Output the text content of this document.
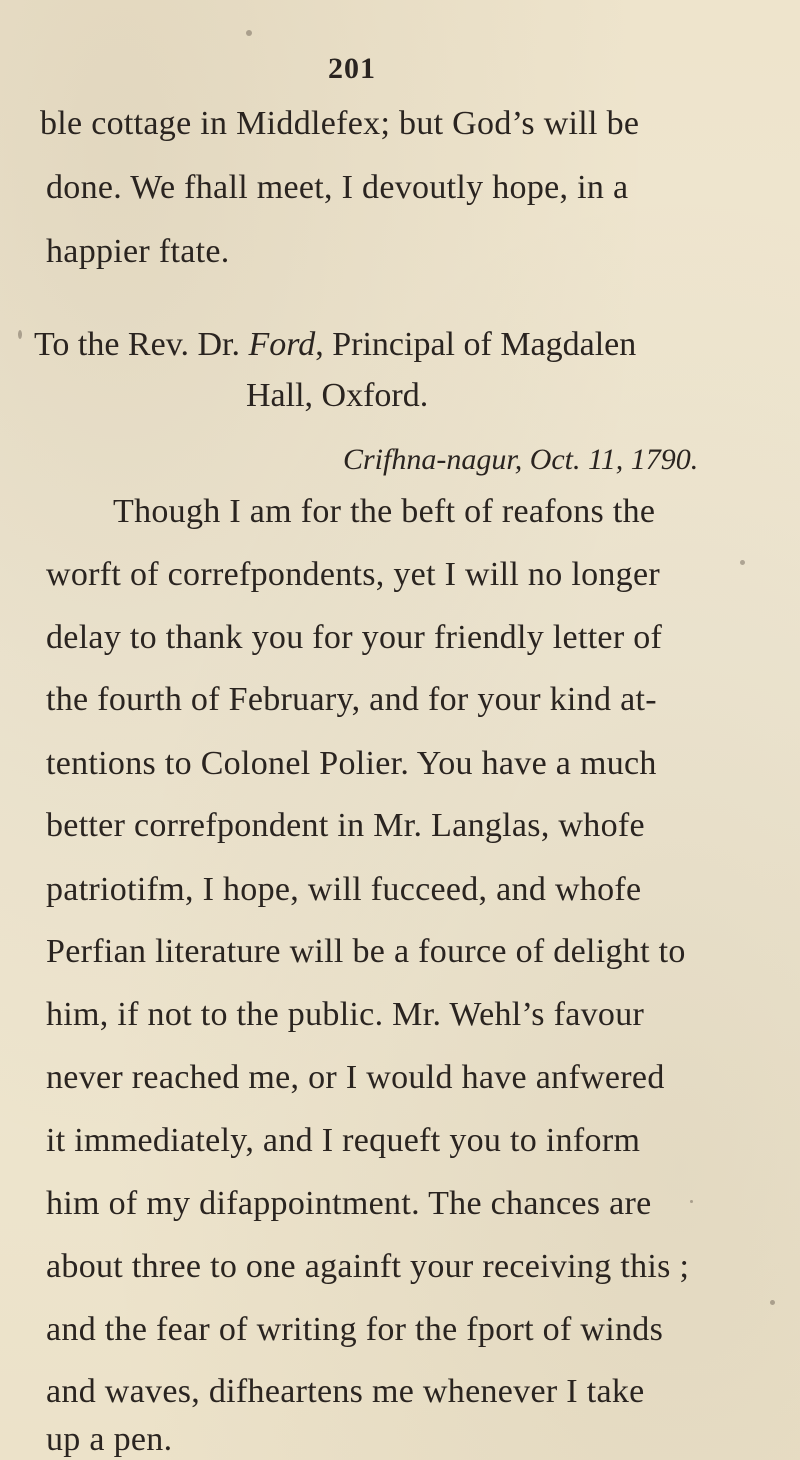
201
ble cottage in Middlefex; but God’s will be
done. We fhall meet, I devoutly hope, in a
happier ftate.
To the Rev. Dr. Ford, Principal of Magdalen
Hall, Oxford.
Crifhna-nagur, Oct. 11, 1790.
Though I am for the beft of reafons the
worft of correfpondents, yet I will no longer
delay to thank you for your friendly letter of
the fourth of February, and for your kind at-
tentions to Colonel Polier. You have a much
better correfpondent in Mr. Langlas, whofe
patriotifm, I hope, will fucceed, and whofe
Perfian literature will be a fource of delight to
him, if not to the public. Mr. Wehl’s favour
never reached me, or I would have anfwered
it immediately, and I requeft you to inform
him of my difappointment. The chances are
about three to one againft your receiving this ;
and the fear of writing for the fport of winds
and waves, difheartens me whenever I take
up a pen.
